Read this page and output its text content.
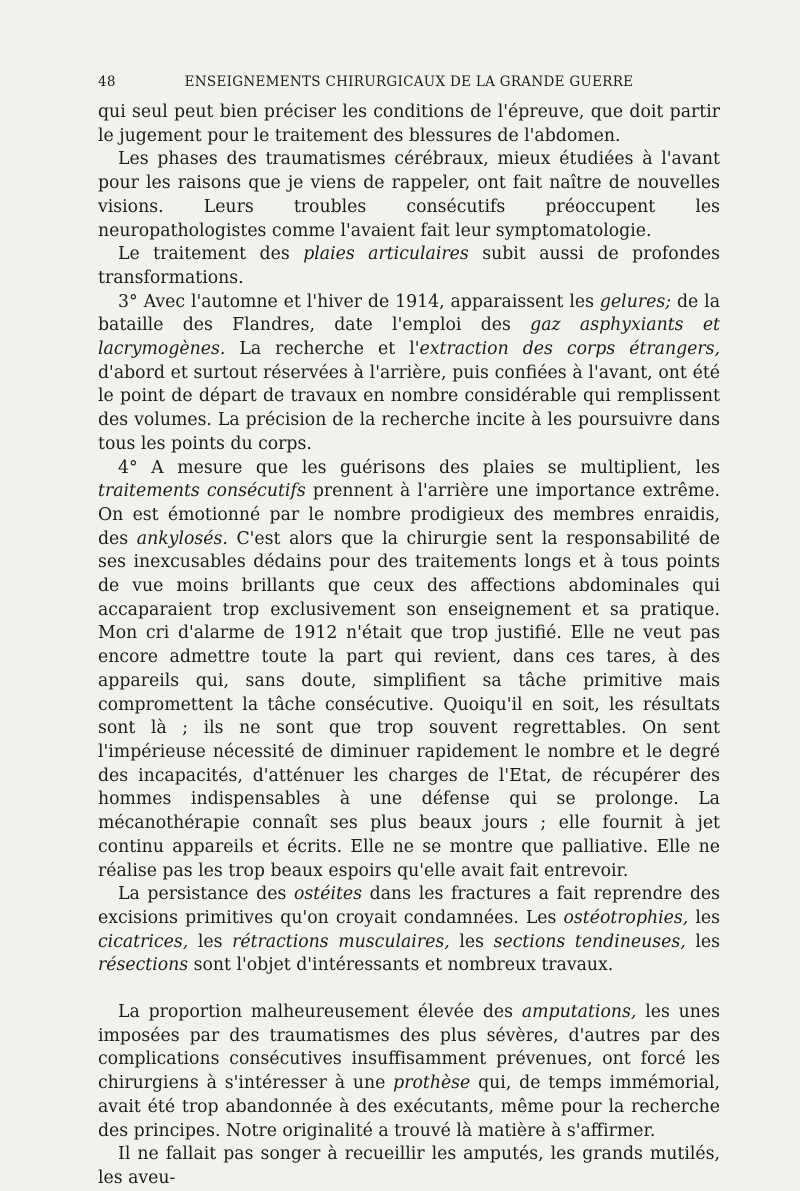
48	ENSEIGNEMENTS CHIRURGICAUX DE LA GRANDE GUERRE

qui seul peut bien préciser les conditions de l'épreuve, que doit partir le jugement pour le traitement des blessures de l'abdomen.

Les phases des traumatismes cérébraux, mieux étudiées à l'avant pour les raisons que je viens de rappeler, ont fait naître de nouvelles visions. Leurs troubles consécutifs préoccupent les neuropathologistes comme l'avaient fait leur symptomatologie.

Le traitement des plaies articulaires subit aussi de profondes transformations.

3° Avec l'automne et l'hiver de 1914, apparaissent les gelures; de la bataille des Flandres, date l'emploi des gaz asphyxiants et lacrymogènes. La recherche et l'extraction des corps étrangers, d'abord et surtout réservées à l'arrière, puis confiées à l'avant, ont été le point de départ de travaux en nombre considérable qui remplissent des volumes. La précision de la recherche incite à les poursuivre dans tous les points du corps.

4° A mesure que les guérisons des plaies se multiplient, les traitements consécutifs prennent à l'arrière une importance extrême. On est émotionné par le nombre prodigieux des membres enraidis, des ankylosés. C'est alors que la chirurgie sent la responsabilité de ses inexcusables dédains pour des traitements longs et à tous points de vue moins brillants que ceux des affections abdominales qui accaparaient trop exclusivement son enseignement et sa pratique. Mon cri d'alarme de 1912 n'était que trop justifié. Elle ne veut pas encore admettre toute la part qui revient, dans ces tares, à des appareils qui, sans doute, simplifient sa tâche primitive mais compromettent la tâche consécutive. Quoiqu'il en soit, les résultats sont là ; ils ne sont que trop souvent regrettables. On sent l'impérieuse nécessité de diminuer rapidement le nombre et le degré des incapacités, d'atténuer les charges de l'Etat, de récupérer des hommes indispensables à une défense qui se prolonge. La mécanothérapie connaît ses plus beaux jours ; elle fournit à jet continu appareils et écrits. Elle ne se montre que palliative. Elle ne réalise pas les trop beaux espoirs qu'elle avait fait entrevoir.

La persistance des ostéites dans les fractures a fait reprendre des excisions primitives qu'on croyait condamnées. Les ostéotrophies, les cicatrices, les rétractions musculaires, les sections tendineuses, les résections sont l'objet d'intéressants et nombreux travaux.

La proportion malheureusement élevée des amputations, les unes imposées par des traumatismes des plus sévères, d'autres par des complications consécutives insuffisamment prévenues, ont forcé les chirurgiens à s'intéresser à une prothèse qui, de temps immémorial, avait été trop abandonnée à des exécutants, même pour la recherche des principes. Notre originalité a trouvé là matière à s'affirmer.

Il ne fallait pas songer à recueillir les amputés, les grands mutilés, les aveu-
